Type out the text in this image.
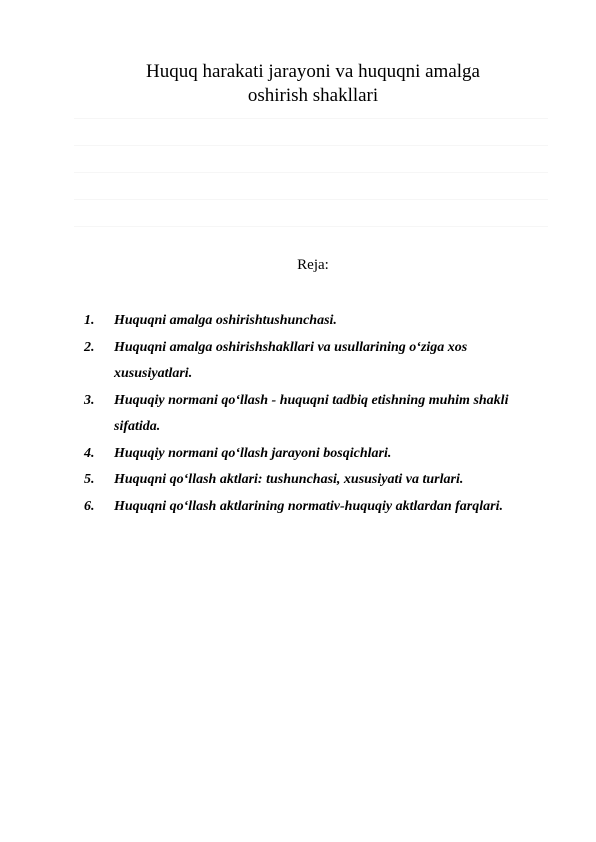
Huquq harakati jarayoni va huquqni amalga
oshirish shakllari
Reja:
1. Huquqni amalga oshirishtushunchasi.
2. Huquqni amalga oshirishshakllari va usullarining o‘ziga xos xususiyatlari.
3. Huquqiy normani qo‘llash - huquqni tadbiq etishning muhim shakli sifatida.
4. Huquqiy normani qo‘llash jarayoni bosqichlari.
5. Huquqni qo‘llash aktlari: tushunchasi, xususiyati va turlari.
6. Huquqni qo‘llash aktlarining normativ-huquqiy aktlardan farqlari.
